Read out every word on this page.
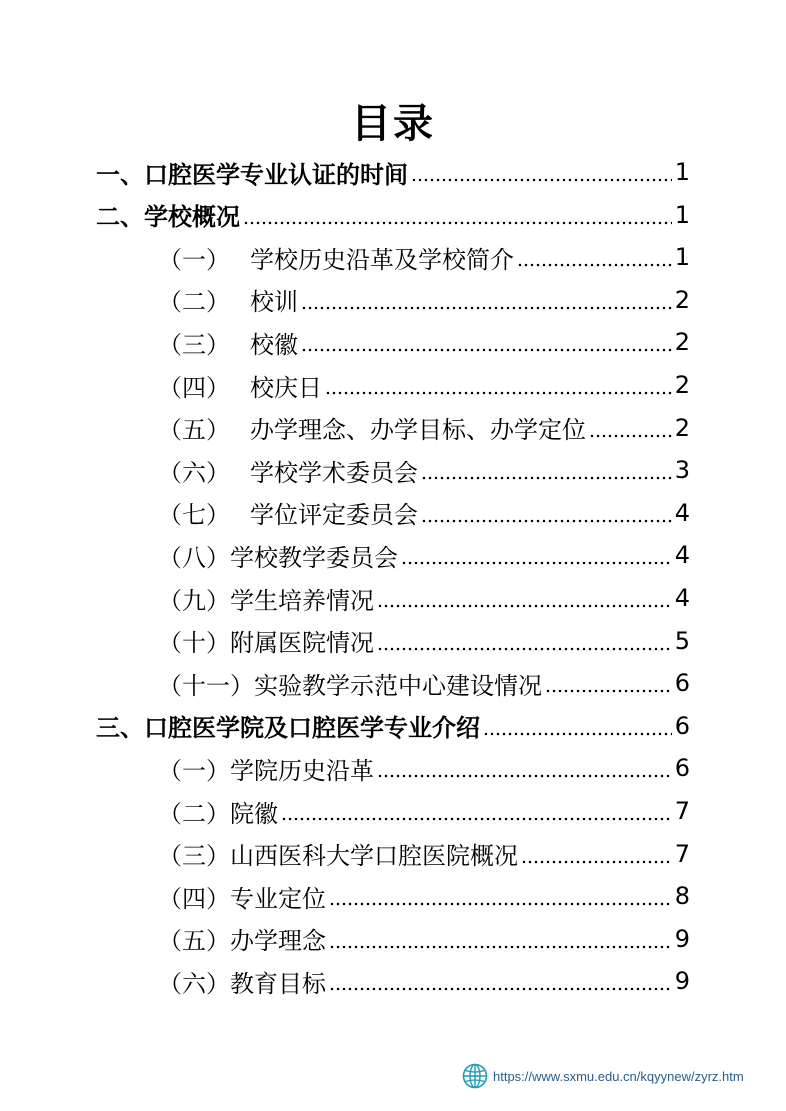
目录
一、 口腔医学专业认证的时间	1
二、 学校概况	1
（一） 学校历史沿革及学校简介	1
（二） 校训	2
（三） 校徽	2
（四） 校庆日	2
（五） 办学理念、办学目标、办学定位	2
（六） 学校学术委员会	3
（七） 学位评定委员会	4
（八） 学校教学委员会	4
（九） 学生培养情况	4
（十） 附属医院情况	5
（十一） 实验教学示范中心建设情况	6
三、 口腔医学院及口腔医学专业介绍	6
（一） 学院历史沿革	6
（二） 院徽	7
（三） 山西医科大学口腔医院概况	7
（四） 专业定位	8
（五） 办学理念	9
（六） 教育目标	9
https://www.sxmu.edu.cn/kqyynew/zyrz.htm
